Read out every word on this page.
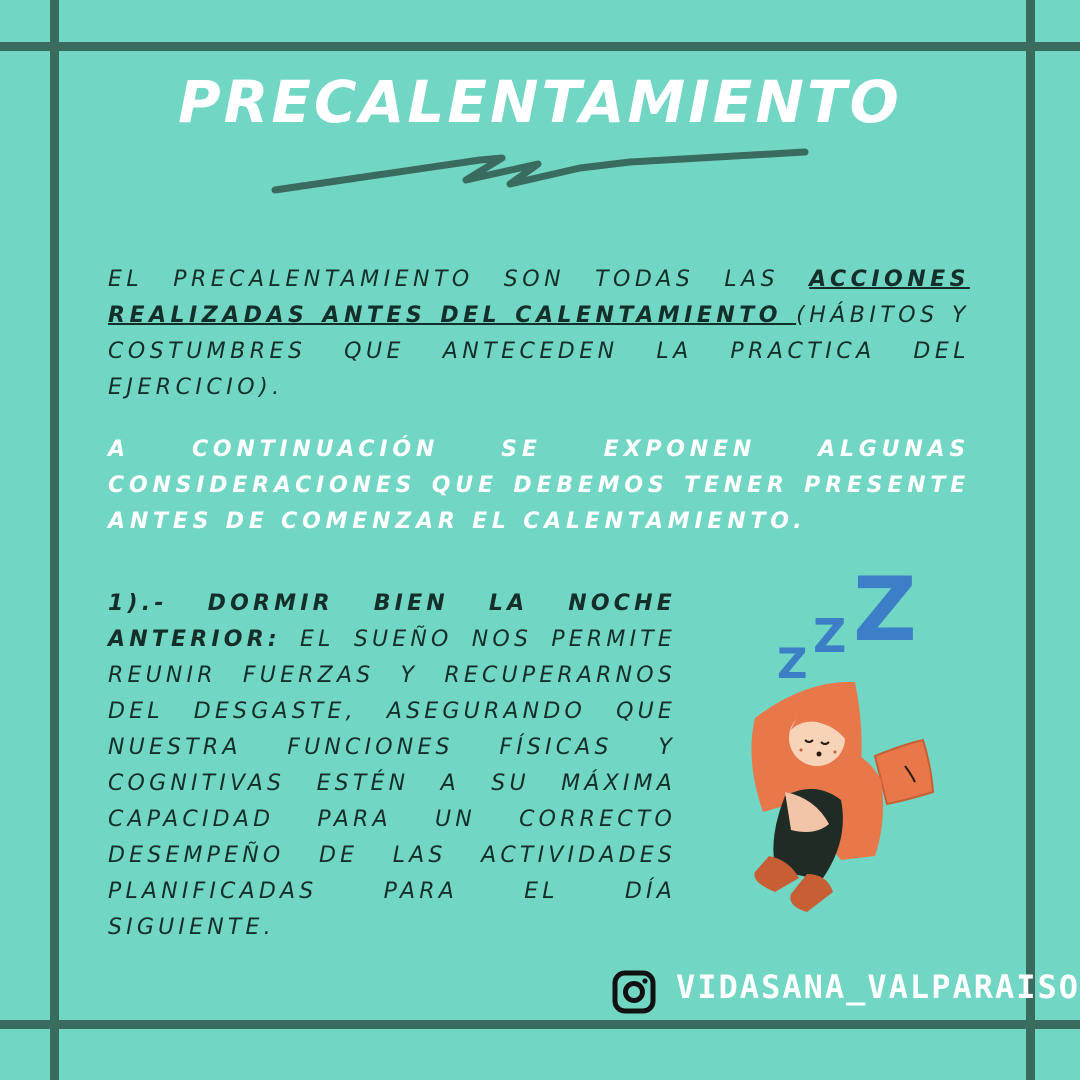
PRECALENTAMIENTO

EL PRECALENTAMIENTO SON TODAS LAS ACCIONES REALIZADAS ANTES DEL CALENTAMIENTO (HÁBITOS Y COSTUMBRES QUE ANTECEDEN LA PRACTICA DEL EJERCICIO).

A CONTINUACIÓN SE EXPONEN ALGUNAS CONSIDERACIONES QUE DEBEMOS TENER PRESENTE ANTES DE COMENZAR EL CALENTAMIENTO.

1).- DORMIR BIEN LA NOCHE ANTERIOR: EL SUEÑO NOS PERMITE REUNIR FUERZAS Y RECUPERARNOS DEL DESGASTE, ASEGURANDO QUE NUESTRA FUNCIONES FÍSICAS Y COGNITIVAS ESTÉN A SU MÁXIMA CAPACIDAD PARA UN CORRECTO DESEMPEÑO DE LAS ACTIVIDADES PLANIFICADAS PARA EL DÍA SIGUIENTE.

Z
Z
Z

VIDASANA_VALPARAISO
